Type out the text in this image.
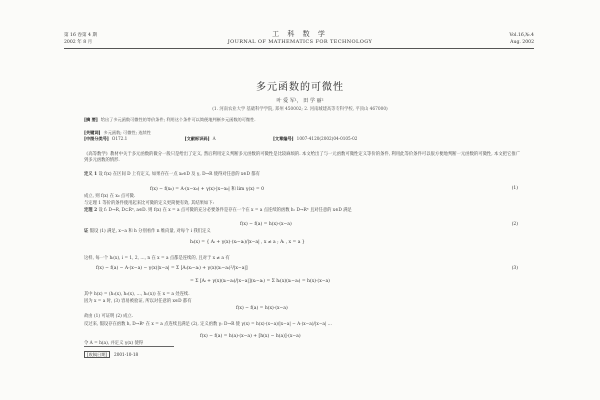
第 16 卷第 4 期
2002 年 8 月
工 科 数 学
JOURNAL OF MATHEMATICS FOR TECHNOLOGY
Vol.16,№.4
Aug. 2002
多元函数的可微性
叶 爱 军¹， 田 学 丽²
(1. 河南农业大学 基础科学学院, 郑州 450002; 2. 河南城建高等专科学校, 平顶山 467000)
[摘 要] 给出了多元函数可微性的等价条件; 利用这个条件可以简便地判断多元函数的可微性.
[关键词] 多元函数; 可微性; 连续性
[中图分类号] O172.1	[文献标识码] A	[文章编号] 1007-4120(2002)04-0105-02
《高等数学》教材中关于多元函数的微分一般只是给出了定义, 然后利用定义判断多元函数的可微性是比较麻烦的. 本文给出了与一元函数可微性定义等价的条件, 利用此等价条件可以很方便地判断一元函数的可微性, 本文把它推广到多元函数的情形.
定义 1 设 f(x) 在区间 D 上有定义, 如果存在一点 x₀∈D 及 γ, D→R 使得对任意的 x∈D 都有
f(x) − f(x₀) = A·(x−x₀) + γ(x)·|x−x₀| 和 lim γ(x) = 0	(1)
成立, 则 f(x) 在 x₀ 点可微.
与定理 1 等价的条件使用起来比可微的定义更简便有效, 其结果如下:
定理 2 设 f: D→R, D⊂Rⁿ, a∈D. 则 f(x) 在 x = a 点可微的充分必要条件是存在一个在 x = a 点连续的函数 h: D→Rⁿ 且对任意的 x∈D 满足
f(x) − f(a) = h(x)·(x−a)	(2)
证 假设 (1) 满足, x−a 和 h 分别看作 n 维向量, 对每个 i 我们定义
hᵢ(x) = { Aᵢ + γ(x)·(xᵢ−aᵢ)/|x−a| , x ≠ a ; Aᵢ , x = a }
这样, 每一个 hᵢ(x), i = 1, 2, …, n 在 x = a 点都是连续的, 且对于 x ≠ a 有
f(x) − f(a) − A·(x−a) − γ(x)|x−a| = Σ [Aᵢ(xᵢ−aᵢ) + γ(x)(xᵢ−aᵢ)²/|x−a|]	(3)
= Σ [Aᵢ + γ(x)(xᵢ−aᵢ)/|x−a|](xᵢ−aᵢ) = Σ hᵢ(x)(xᵢ−aᵢ) = h(x)·(x−a)
其中 h(x) = (h₁(x), h₂(x), …, hₙ(x)) 在 x = a 处连续.
因为 x = a 时, (3) 容易被验证, 所以对任意的 x∈D 都有
f(x) − f(a) = h(x)·(x−a)
故由 (1) 可证明 (2) 成立.
反过来, 假设存在函数 h, D→Rⁿ 在 x = a 点连续且满足 (2), 定义函数 γ: D→R 使 γ(x) = h(x)·(x−a)/|x−a| − A·(x−a)/|x−a| ...
f(x) − f(a) = h(a)·(x−a) + [h(x) − h(a)]·(x−a)
令 A = h(a), 并定义 γ(x) 使得
[收稿日期] 2001-10-18
